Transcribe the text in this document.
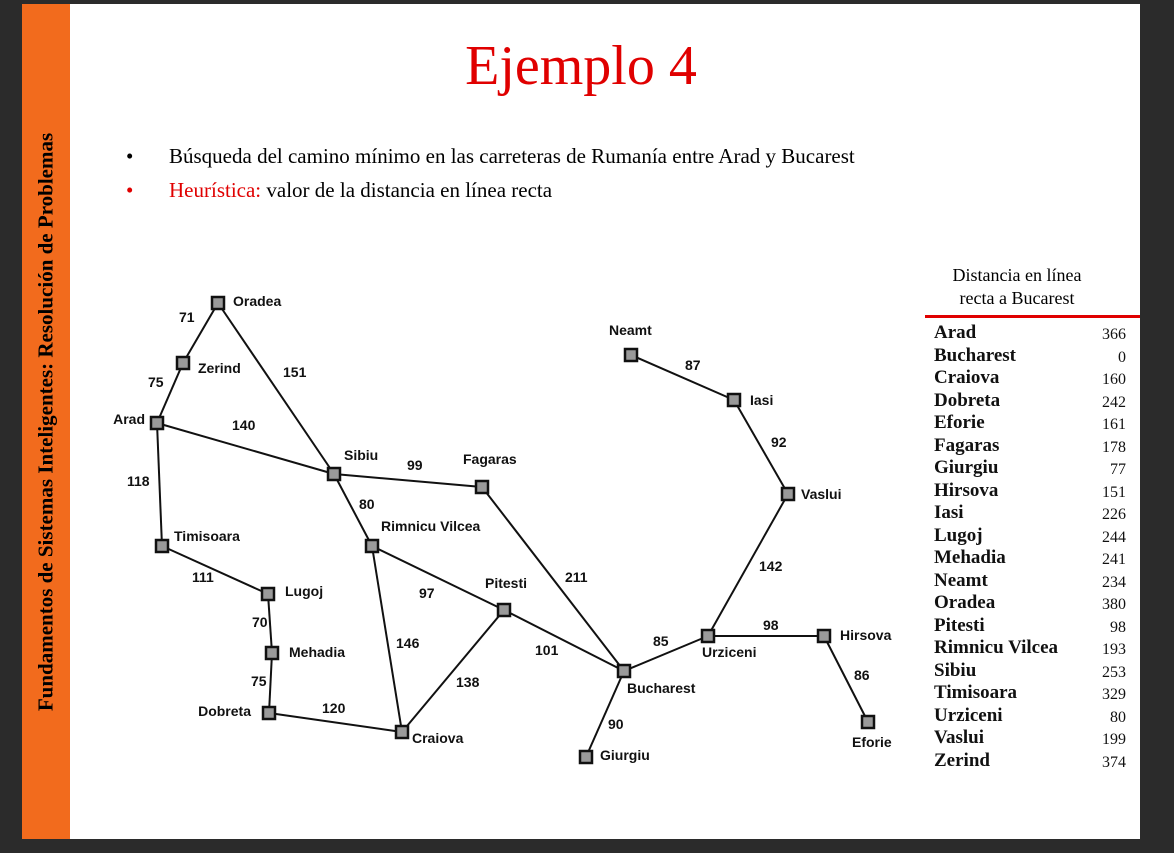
Fundamentos de Sistemas Inteligentes: Resolución de Problemas
Ejemplo 4
• Búsqueda del camino mínimo en las carreteras de Rumanía entre Arad y Bucarest
• Heurística: valor de la distancia en línea recta
71
75
151
140
118
111
70
75
120
99
80
97
146
138
211
101
90
85
98
86
142
92
87
Oradea
Zerind
Arad
Timisoara
Lugoj
Mehadia
Dobreta
Craiova
Sibiu
Rimnicu Vilcea
Fagaras
Pitesti
Bucharest
Giurgiu
Urziceni
Hirsova
Eforie
Vaslui
Iasi
Neamt
Distancia en línea
recta a Bucarest
Arad	366
Bucharest	0
Craiova	160
Dobreta	242
Eforie	161
Fagaras	178
Giurgiu	77
Hirsova	151
Iasi	226
Lugoj	244
Mehadia	241
Neamt	234
Oradea	380
Pitesti	98
Rimnicu Vilcea	193
Sibiu	253
Timisoara	329
Urziceni	80
Vaslui	199
Zerind	374
